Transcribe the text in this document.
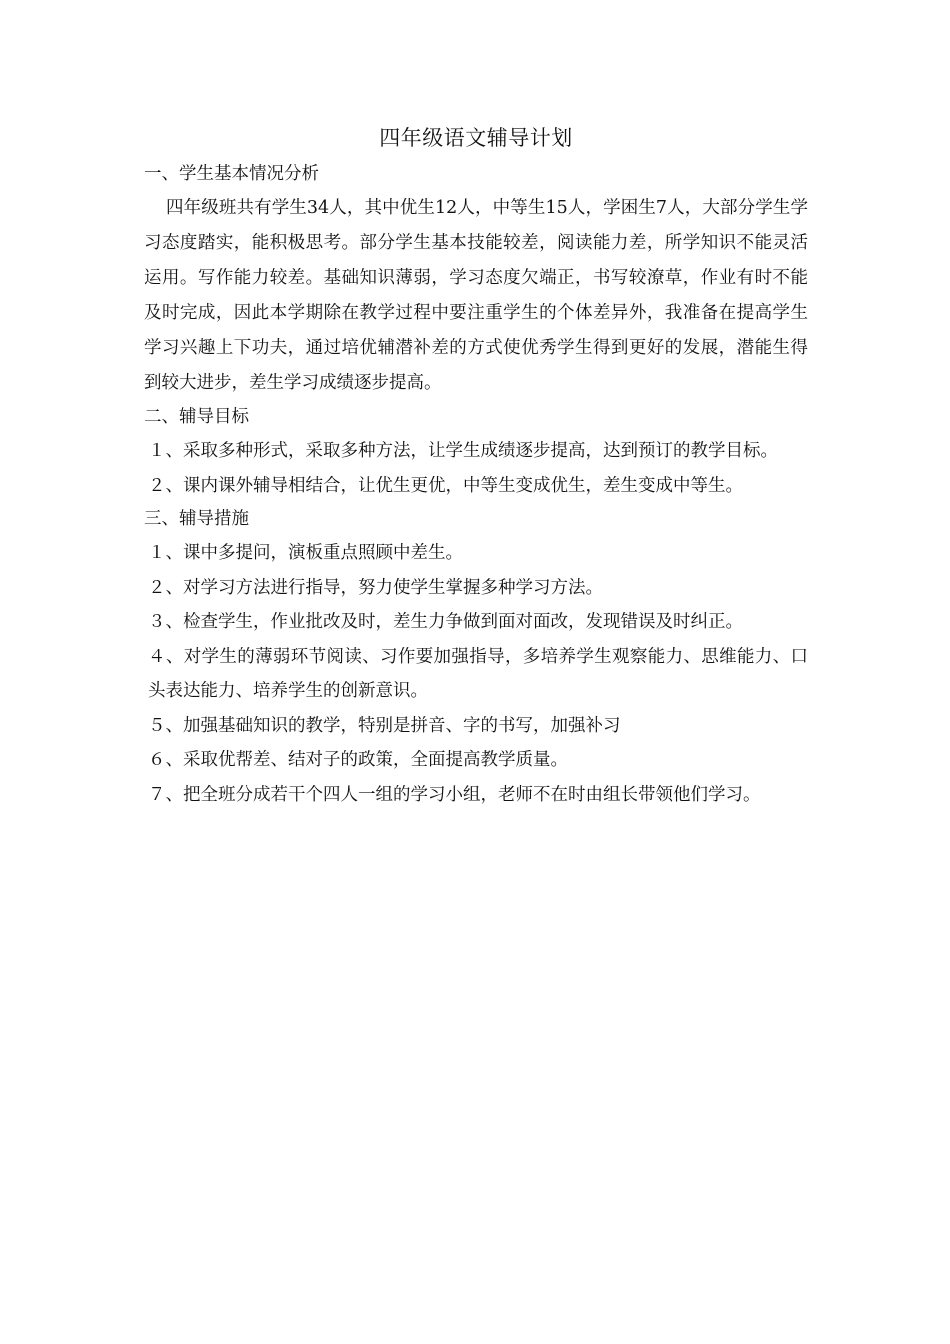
四年级语文辅导计划
一、学生基本情况分析
四年级班共有学生34人，其中优生12人，中等生15人，学困生7人，大部分学生学习态度踏实，能积极思考。部分学生基本技能较差，阅读能力差，所学知识不能灵活运用。写作能力较差。基础知识薄弱，学习态度欠端正，书写较潦草，作业有时不能及时完成，因此本学期除在教学过程中要注重学生的个体差异外，我准备在提高学生学习兴趣上下功夫，通过培优辅潜补差的方式使优秀学生得到更好的发展，潜能生得到较大进步，差生学习成绩逐步提高。
二、辅导目标
１、采取多种形式，采取多种方法，让学生成绩逐步提高，达到预订的教学目标。
２、课内课外辅导相结合，让优生更优，中等生变成优生，差生变成中等生。
三、辅导措施
１、课中多提问，演板重点照顾中差生。
２、对学习方法进行指导，努力使学生掌握多种学习方法。
３、检查学生，作业批改及时，差生力争做到面对面改，发现错误及时纠正。
４、对学生的薄弱环节阅读、习作要加强指导，多培养学生观察能力、思维能力、口头表达能力、培养学生的创新意识。
５、加强基础知识的教学，特别是拼音、字的书写，加强补习
６、采取优帮差、结对子的政策，全面提高教学质量。
７、把全班分成若干个四人一组的学习小组，老师不在时由组长带领他们学习。
